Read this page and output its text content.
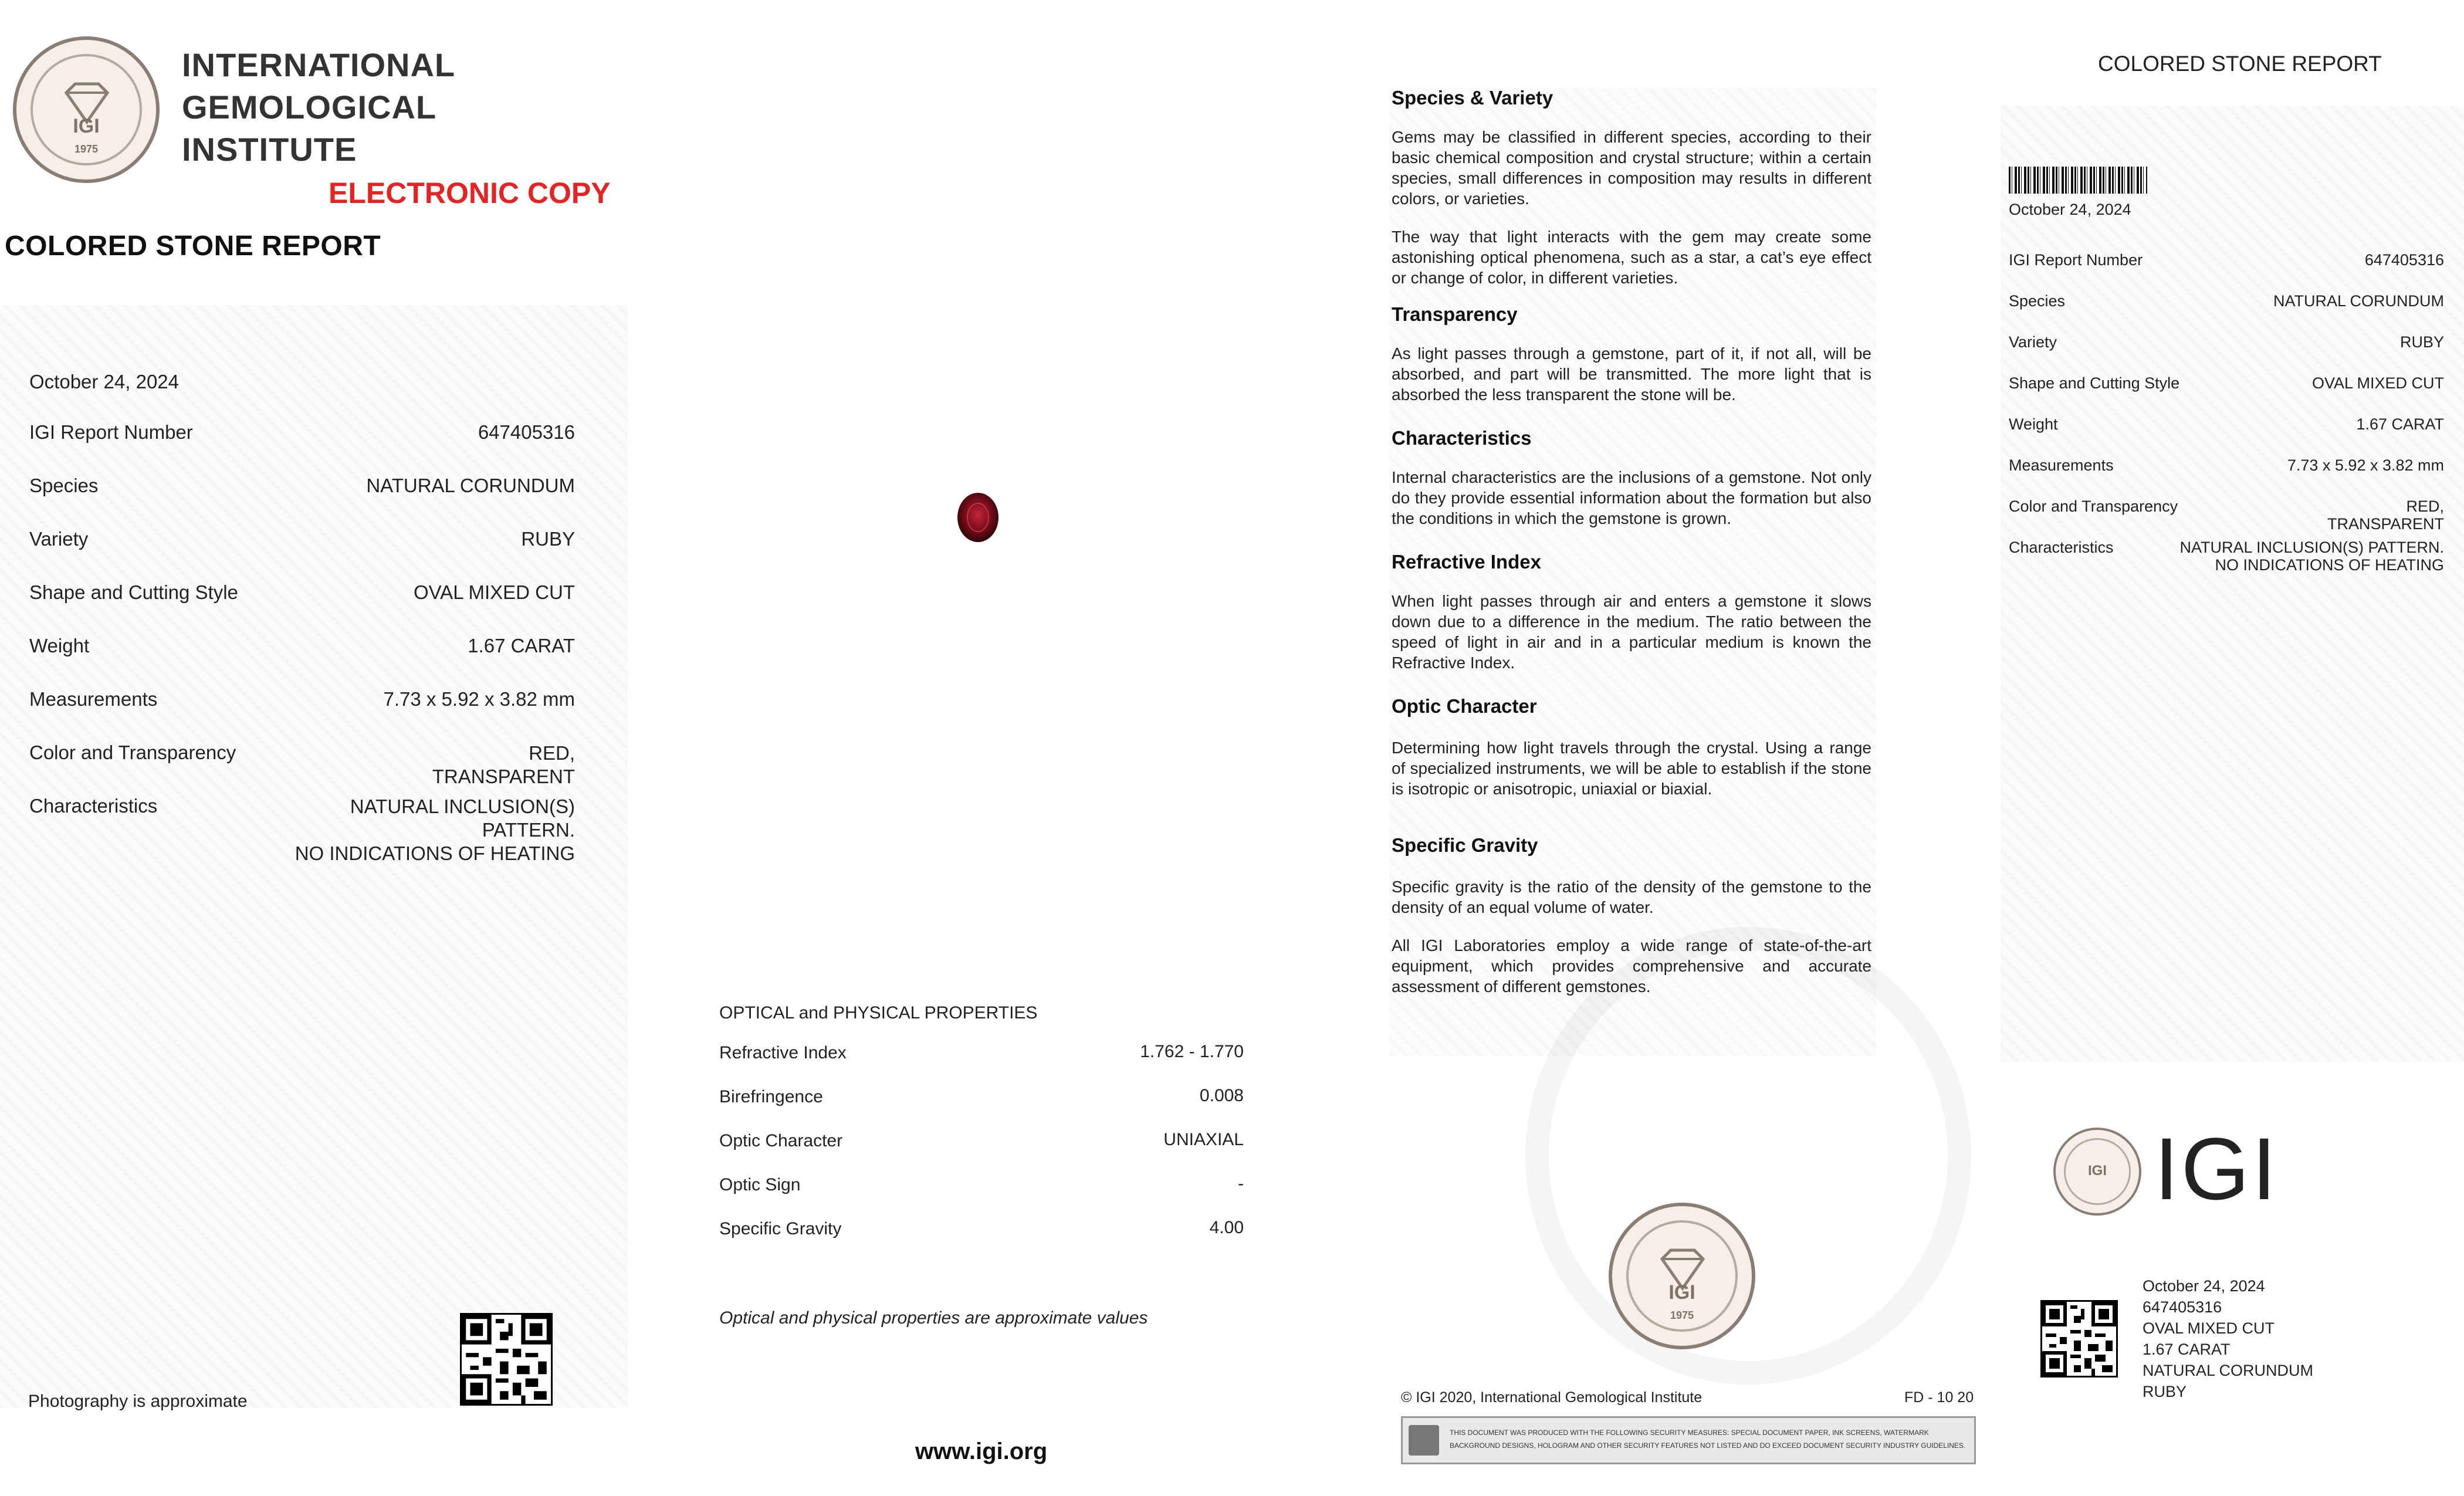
IGI
1975
INTERNATIONAL
GEMOLOGICAL
INSTITUTE
ELECTRONIC COPY
COLORED STONE REPORT
October 24, 2024
IGI Report Number	647405316
Species	NATURAL CORUNDUM
Variety	RUBY
Shape and Cutting Style	OVAL MIXED CUT
Weight	1.67 CARAT
Measurements	7.73 x 5.92 x 3.82 mm
Color and Transparency	RED,
TRANSPARENT
Characteristics	NATURAL INCLUSION(S)
PATTERN.
NO INDICATIONS OF HEATING
Photography is approximate
OPTICAL and PHYSICAL PROPERTIES
Refractive Index	1.762 - 1.770
Birefringence	0.008
Optic Character	UNIAXIAL
Optic Sign	-
Specific Gravity	4.00
Optical and physical properties are approximate values
www.igi.org
Species & Variety

Gems may be classified in different species, according to their basic chemical composition and crystal structure; within a certain species, small differences in composition may results in different colors, or varieties.

The way that light interacts with the gem may create some astonishing optical phenomena, such as a star, a cat’s eye effect or change of color, in different varieties.

Transparency

As light passes through a gemstone, part of it, if not all, will be absorbed, and part will be transmitted. The more light that is absorbed the less transparent the stone will be.

Characteristics

Internal characteristics are the inclusions of a gemstone. Not only do they provide essential information about the formation but also the conditions in which the gemstone is grown.

Refractive Index

When light passes through air and enters a gemstone it slows down due to a difference in the medium. The ratio between the speed of light in air and in a particular medium is known the Refractive Index.

Optic Character

Determining how light travels through the crystal. Using a range of specialized instruments, we will be able to establish if the stone is isotropic or anisotropic, uniaxial or biaxial.

Specific Gravity

Specific gravity is the ratio of the density of the gemstone to the density of an equal volume of water.

All IGI Laboratories employ a wide range of state-of-the-art equipment, which provides comprehensive and accurate assessment of different gemstones.

IGI
1975
© IGI 2020, International Gemological Institute	FD - 10 20
THIS DOCUMENT WAS PRODUCED WITH THE FOLLOWING SECURITY MEASURES: SPECIAL DOCUMENT PAPER, INK SCREENS, WATERMARK
BACKGROUND DESIGNS, HOLOGRAM AND OTHER SECURITY FEATURES NOT LISTED AND DO EXCEED DOCUMENT SECURITY INDUSTRY GUIDELINES.
COLORED STONE REPORT
October 24, 2024
IGI Report Number	647405316
Species	NATURAL CORUNDUM
Variety	RUBY
Shape and Cutting Style	OVAL MIXED CUT
Weight	1.67 CARAT
Measurements	7.73 x 5.92 x 3.82 mm
Color and Transparency	RED,
TRANSPARENT
Characteristics	NATURAL INCLUSION(S) PATTERN.
NO INDICATIONS OF HEATING
IGI IGI
October 24, 2024
647405316
OVAL MIXED CUT
1.67 CARAT
NATURAL CORUNDUM
RUBY
